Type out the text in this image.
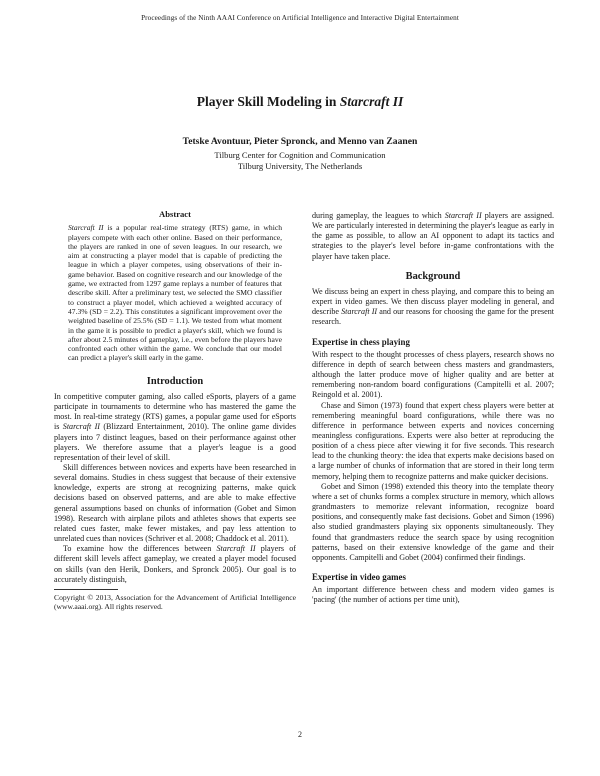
Proceedings of the Ninth AAAI Conference on Artificial Intelligence and Interactive Digital Entertainment
Player Skill Modeling in Starcraft II
Tetske Avontuur, Pieter Spronck, and Menno van Zaanen
Tilburg Center for Cognition and Communication
Tilburg University, The Netherlands
Abstract

Starcraft II is a popular real-time strategy (RTS) game, in which players compete with each other online. Based on their performance, the players are ranked in one of seven leagues. In our research, we aim at constructing a player model that is capable of predicting the league in which a player competes, using observations of their in-game behavior. Based on cognitive research and our knowledge of the game, we extracted from 1297 game replays a number of features that describe skill. After a preliminary test, we selected the SMO classifier to construct a player model, which achieved a weighted accuracy of 47.3% (SD = 2.2). This constitutes a significant improvement over the weighted baseline of 25.5% (SD = 1.1). We tested from what moment in the game it is possible to predict a player's skill, which we found is after about 2.5 minutes of gameplay, i.e., even before the players have confronted each other within the game. We conclude that our model can predict a player's skill early in the game.

Introduction

In competitive computer gaming, also called eSports, players of a game participate in tournaments to determine who has mastered the game the most. In real-time strategy (RTS) games, a popular game used for eSports is Starcraft II (Blizzard Entertainment, 2010). The online game divides players into 7 distinct leagues, based on their performance against other players. We therefore assume that a player's league is a good representation of their level of skill.

Skill differences between novices and experts have been researched in several domains. Studies in chess suggest that because of their extensive knowledge, experts are strong at recognizing patterns, make quick decisions based on observed patterns, and are able to make effective general assumptions based on chunks of information (Gobet and Simon 1998). Research with airplane pilots and athletes shows that experts see related cues faster, make fewer mistakes, and pay less attention to unrelated cues than novices (Schriver et al. 2008; Chaddock et al. 2011).

To examine how the differences between Starcraft II players of different skill levels affect gameplay, we created a player model focused on skills (van den Herik, Donkers, and Spronck 2005). Our goal is to accurately distinguish,

Copyright © 2013, Association for the Advancement of Artificial Intelligence (www.aaai.org). All rights reserved.

during gameplay, the leagues to which Starcraft II players are assigned. We are particularly interested in determining the player's league as early in the game as possible, to allow an AI opponent to adapt its tactics and strategies to the player's level before in-game confrontations with the player have taken place.

Background

We discuss being an expert in chess playing, and compare this to being an expert in video games. We then discuss player modeling in general, and describe Starcraft II and our reasons for choosing the game for the present research.

Expertise in chess playing

With respect to the thought processes of chess players, research shows no difference in depth of search between chess masters and grandmasters, although the latter produce move of higher quality and are better at remembering non-random board configurations (Campitelli et al. 2007; Reingold et al. 2001).

Chase and Simon (1973) found that expert chess players were better at remembering meaningful board configurations, while there was no difference in performance between experts and novices concerning meaningless configurations. Experts were also better at reproducing the position of a chess piece after viewing it for five seconds. This research lead to the chunking theory: the idea that experts make decisions based on a large number of chunks of information that are stored in their long term memory, helping them to recognize patterns and make quicker decisions.

Gobet and Simon (1998) extended this theory into the template theory where a set of chunks forms a complex structure in memory, which allows grandmasters to memorize relevant information, recognize board positions, and consequently make fast decisions. Gobet and Simon (1996) also studied grandmasters playing six opponents simultaneously. They found that grandmasters reduce the search space by using recognition patterns, based on their extensive knowledge of the game and their opponents. Campitelli and Gobet (2004) confirmed their findings.

Expertise in video games

An important difference between chess and modern video games is 'pacing' (the number of actions per time unit),

2
